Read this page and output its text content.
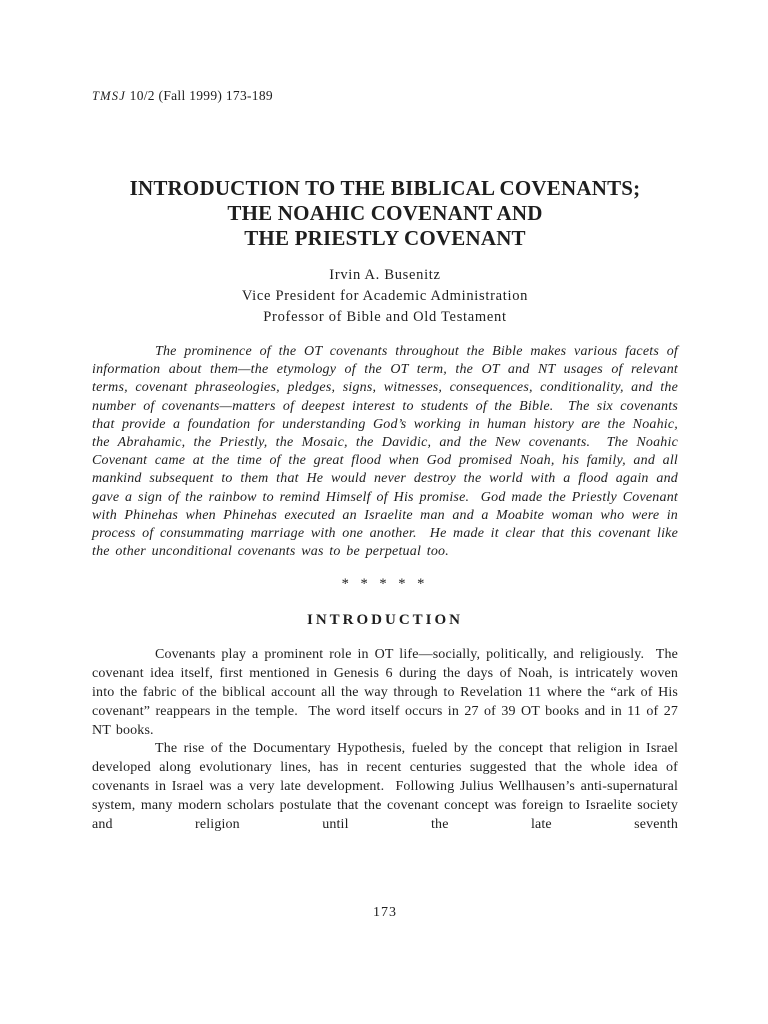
TMSJ 10/2 (Fall 1999) 173-189
INTRODUCTION TO THE BIBLICAL COVENANTS;
THE NOAHIC COVENANT AND
THE PRIESTLY COVENANT
Irvin A. Busenitz
Vice President for Academic Administration
Professor of Bible and Old Testament

The prominence of the OT covenants throughout the Bible makes various facets of information about them—the etymology of the OT term, the OT and NT usages of relevant terms, covenant phraseologies, pledges, signs, witnesses, consequences, conditionality, and the number of covenants—matters of deepest interest to students of the Bible.  The six covenants that provide a foundation for understanding God’s working in human history are the Noahic, the Abrahamic, the Priestly, the Mosaic, the Davidic, and the New covenants.  The Noahic Covenant came at the time of the great flood when God promised Noah, his family, and all mankind subsequent to them that He would never destroy the world with a flood again and gave a sign of the rainbow to remind Himself of His promise.  God made the Priestly Covenant with Phinehas when Phinehas executed an Israelite man and a Moabite woman who were in process of consummating marriage with one another.  He made it clear that this covenant like the other unconditional covenants was to be perpetual too.

* * * * *
INTRODUCTION

Covenants play a prominent role in OT life—socially, politically, and religiously.  The covenant idea itself, first mentioned in Genesis 6 during the days of Noah, is intricately woven into the fabric of the biblical account all the way through to Revelation 11 where the “ark of His covenant” reappears in the temple.  The word itself occurs in 27 of 39 OT books and in 11 of 27 NT books.

The rise of the Documentary Hypothesis, fueled by the concept that religion in Israel developed along evolutionary lines, has in recent centuries suggested that the whole idea of covenants in Israel was a very late development.  Following Julius Wellhausen’s anti-supernatural system, many modern scholars postulate that the covenant concept was foreign to Israelite society and religion until the late seventh

173
